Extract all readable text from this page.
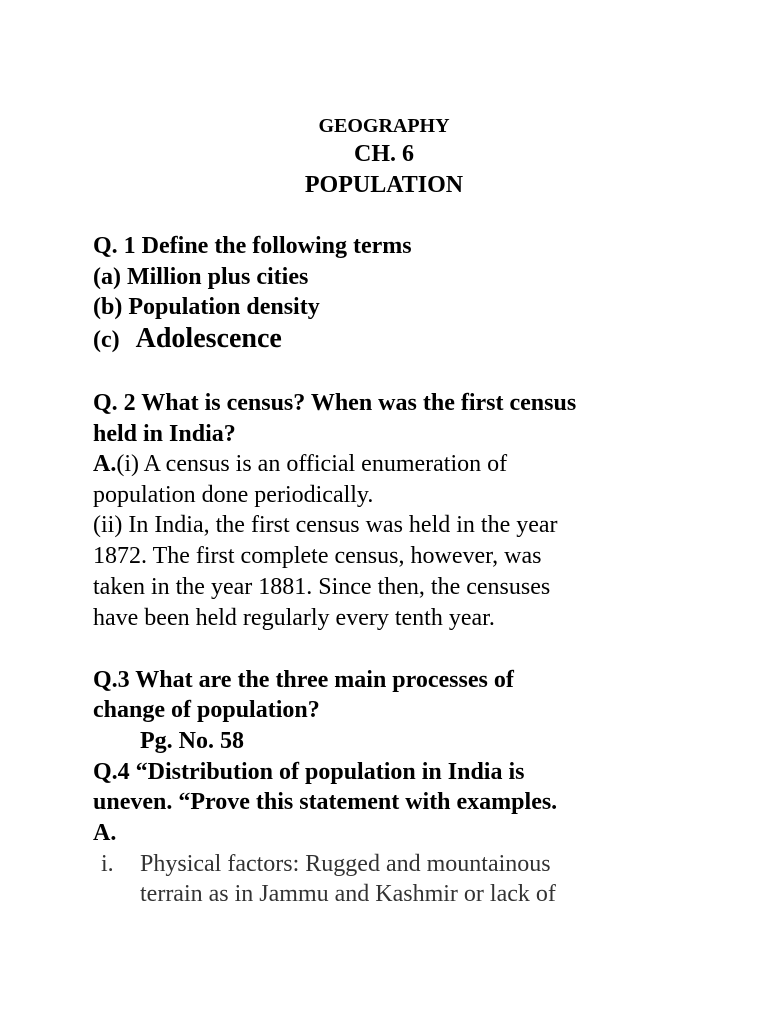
GEOGRAPHY
CH. 6
POPULATION
Q. 1 Define the following terms
(a) Million plus cities
(b) Population density
(c) Adolescence
Q. 2 What is census? When was the first census
held in India?
A.(i) A census is an official enumeration of
population done periodically.
(ii) In India, the first census was held in the year
1872. The first complete census, however, was
taken in the year 1881. Since then, the censuses
have been held regularly every tenth year.
Q.3 What are the three main processes of
change of population?
Pg. No. 58
Q.4 “Distribution of population in India is
uneven. “Prove this statement with examples.
A.
i. Physical factors: Rugged and mountainous
terrain as in Jammu and Kashmir or lack of
